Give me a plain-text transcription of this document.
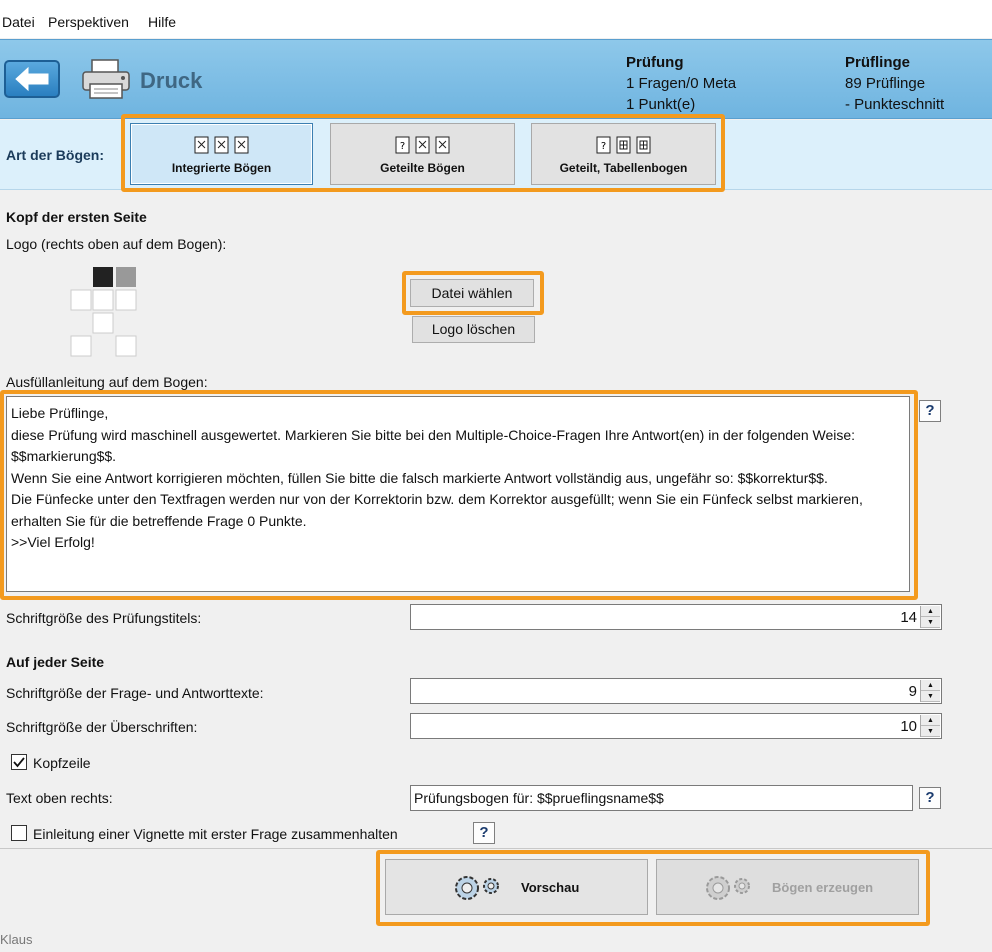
Datei Perspektiven Hilfe
Druck
Prüfung
1 Fragen/0 Meta
1 Punkt(e)
Prüflinge
89 Prüflinge
- Punkteschnitt
Art der Bögen:
Integrierte Bögen
?
Geteilte Bögen
?
Geteilt, Tabellenbogen
Kopf der ersten Seite
Logo (rechts oben auf dem Bogen):
Datei wählen
Logo löschen
Ausfüllanleitung auf dem Bogen:
Liebe Prüflinge,
diese Prüfung wird maschinell ausgewertet. Markieren Sie bitte bei den Multiple-Choice-Fragen Ihre Antwort(en) in der folgenden Weise: $$markierung$$.
Wenn Sie eine Antwort korrigieren möchten, füllen Sie bitte die falsch markierte Antwort vollständig aus, ungefähr so: $$korrektur$$.
Die Fünfecke unter den Textfragen werden nur von der Korrektorin bzw. dem Korrektor ausgefüllt; wenn Sie ein Fünfeck selbst markieren, erhalten Sie für die betreffende Frage 0 Punkte.
>>Viel Erfolg!
?
Schriftgröße des Prüfungstitels:	14	▲
▼
Auf jeder Seite
Schriftgröße der Frage- und Antworttexte:	9	▲
▼
Schriftgröße der Überschriften:	10	▲
▼
Kopfzeile
Text oben rechts:	Prüfungsbogen für: $$prueflingsname$$	?
Einleitung einer Vignette mit erster Frage zusammenhalten	?
Vorschau	Bögen erzeugen
Klaus
